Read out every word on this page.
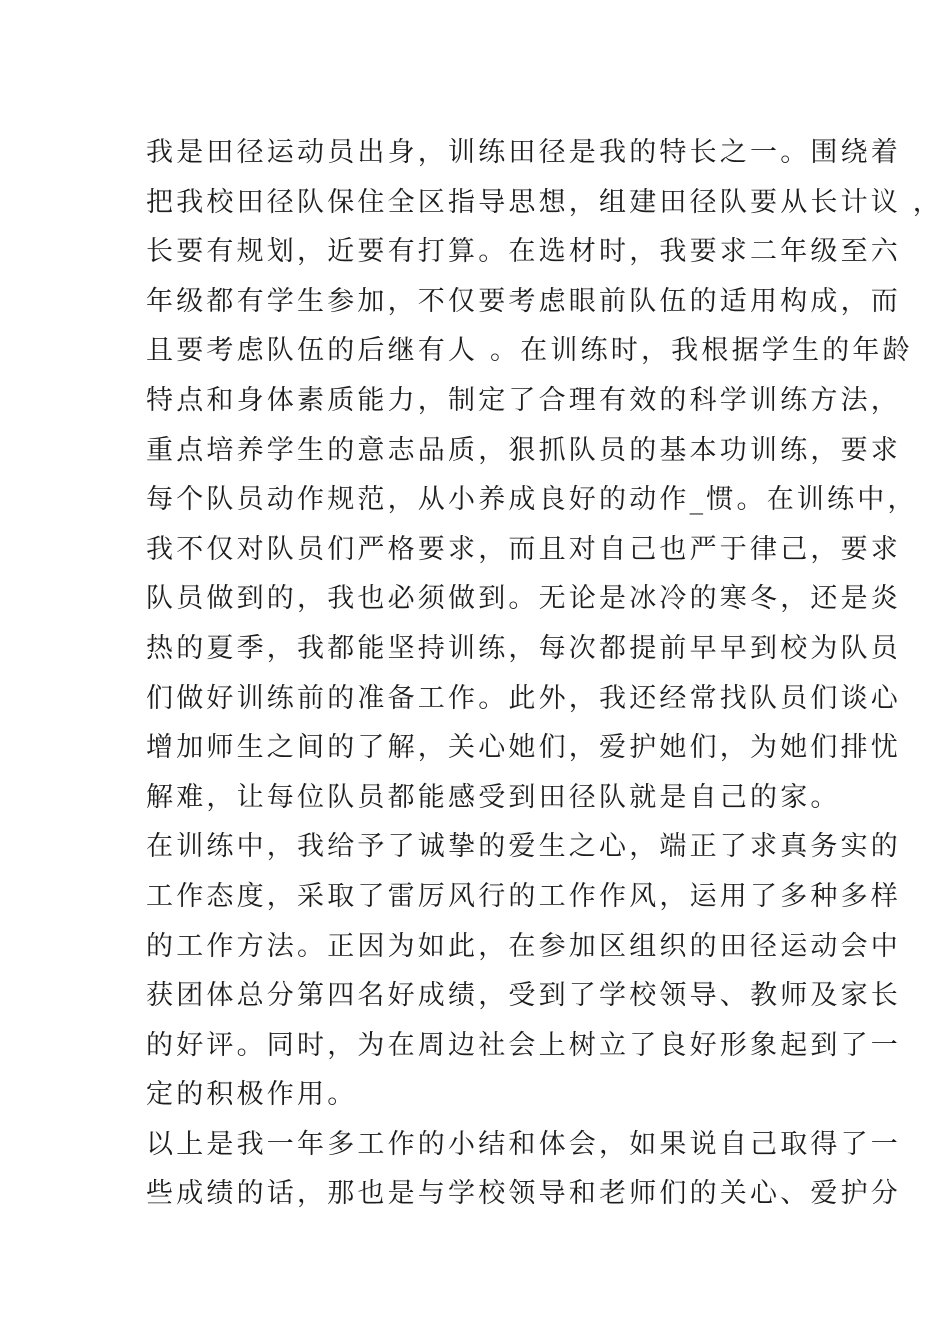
我是田径运动员出身，训练田径是我的特长之一。围绕着
把我校田径队保住全区指导思想，组建田径队要从长计议 ，
长要有规划，近要有打算。在选材时，我要求二年级至六
年级都有学生参加，不仅要考虑眼前队伍的适用构成，而
且要考虑队伍的后继有人 。在训练时，我根据学生的年龄
特点和身体素质能力，制定了合理有效的科学训练方法，
重点培养学生的意志品质，狠抓队员的基本功训练，要求
每个队员动作规范，从小养成良好的动作_惯。在训练中，
我不仅对队员们严格要求，而且对自己也严于律己，要求
队员做到的，我也必须做到。无论是冰冷的寒冬，还是炎
热的夏季，我都能坚持训练，每次都提前早早到校为队员
们做好训练前的准备工作。此外，我还经常找队员们谈心
增加师生之间的了解，关心她们，爱护她们，为她们排忧
解难，让每位队员都能感受到田径队就是自己的家。
在训练中，我给予了诚挚的爱生之心，端正了求真务实的
工作态度，采取了雷厉风行的工作作风，运用了多种多样
的工作方法。正因为如此，在参加区组织的田径运动会中
获团体总分第四名好成绩，受到了学校领导、教师及家长
的好评。同时，为在周边社会上树立了良好形象起到了一
定的积极作用。
以上是我一年多工作的小结和体会，如果说自己取得了一
些成绩的话，那也是与学校领导和老师们的关心、爱护分
